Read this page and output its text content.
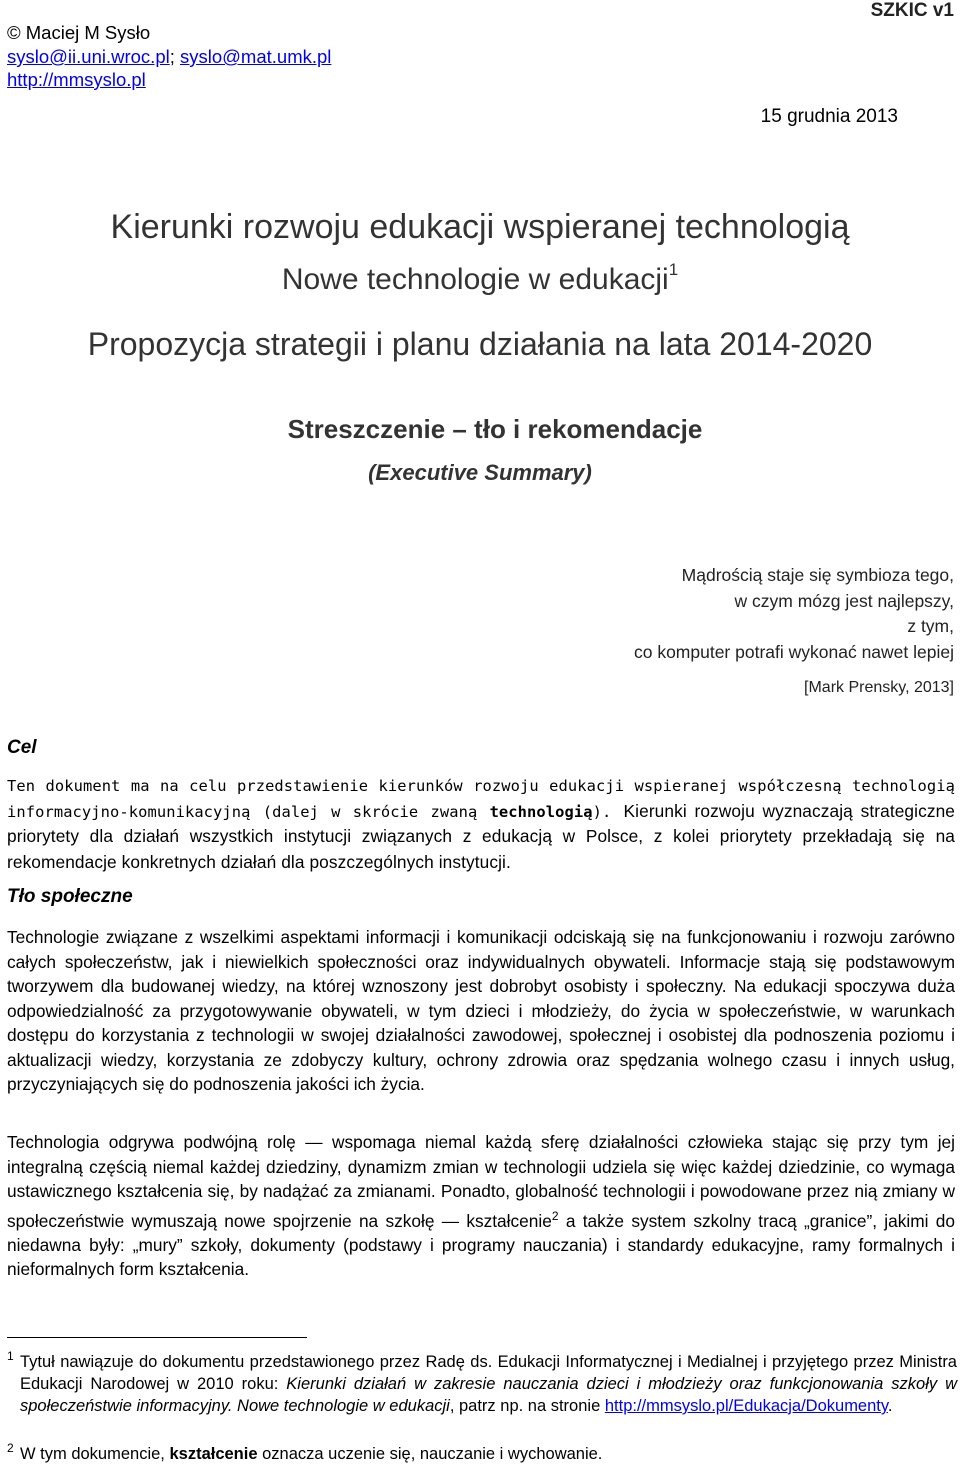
© Maciej M Sysło
syslo@ii.uni.wroc.pl; syslo@mat.umk.pl
http://mmsyslo.pl
SZKIC v1
15 grudnia 2013
Kierunki rozwoju edukacji wspieranej technologią
Nowe technologie w edukacji$^1$
Propozycja strategii i planu działania na lata 2014-2020
Streszczenie – tło i rekomendacje
(Executive Summary)
Mądrością staje się symbioza tego,
w czym mózg jest najlepszy,
z tym,
co komputer potrafi wykonać nawet lepiej
[Mark Prensky, 2013]
Cel
Ten dokument ma na celu przedstawienie kierunków rozwoju edukacji wspieranej współczesną technologią informacyjno-komunikacyjną (dalej w skrócie zwaną technologią). Kierunki rozwoju wyznaczają strategiczne priorytety dla działań wszystkich instytucji związanych z edukacją w Polsce, z kolei priorytety przekładają się na rekomendacje konkretnych działań dla poszczególnych instytucji.
Tło społeczne
Technologie związane z wszelkimi aspektami informacji i komunikacji odciskają się na funkcjonowaniu i rozwoju zarówno całych społeczeństw, jak i niewielkich społeczności oraz indywidualnych obywateli. Informacje stają się podstawowym tworzywem dla budowanej wiedzy, na której wznoszony jest dobrobyt osobisty i społeczny. Na edukacji spoczywa duża odpowiedzialność za przygotowywanie obywateli, w tym dzieci i młodzieży, do życia w społeczeństwie, w warunkach dostępu do korzystania z technologii w swojej działalności zawodowej, społecznej i osobistej dla podnoszenia poziomu i aktualizacji wiedzy, korzystania ze zdobyczy kultury, ochrony zdrowia oraz spędzania wolnego czasu i innych usług, przyczyniających się do podnoszenia jakości ich życia.
Technologia odgrywa podwójną rolę — wspomaga niemal każdą sferę działalności człowieka stając się przy tym jej integralną częścią niemal każdej dziedziny, dynamizm zmian w technologii udziela się więc każdej dziedzinie, co wymaga ustawicznego kształcenia się, by nadążać za zmianami. Ponadto, globalność technologii i powodowane przez nią zmiany w społeczeństwie wymuszają nowe spojrzenie na szkołę — kształcenie$^2$ a także system szkolny tracą „granice”, jakimi do niedawna były: „mury” szkoły, dokumenty (podstawy i programy nauczania) i standardy edukacyjne, ramy formalnych i nieformalnych form kształcenia.
1 Tytuł nawiązuje do dokumentu przedstawionego przez Radę ds. Edukacji Informatycznej i Medialnej i przyjętego przez Ministra Edukacji Narodowej w 2010 roku: Kierunki działań w zakresie nauczania dzieci i młodzieży oraz funkcjonowania szkoły w społeczeństwie informacyjny. Nowe technologie w edukacji, patrz np. na stronie http://mmsyslo.pl/Edukacja/Dokumenty.
2 W tym dokumencie, kształcenie oznacza uczenie się, nauczanie i wychowanie.
